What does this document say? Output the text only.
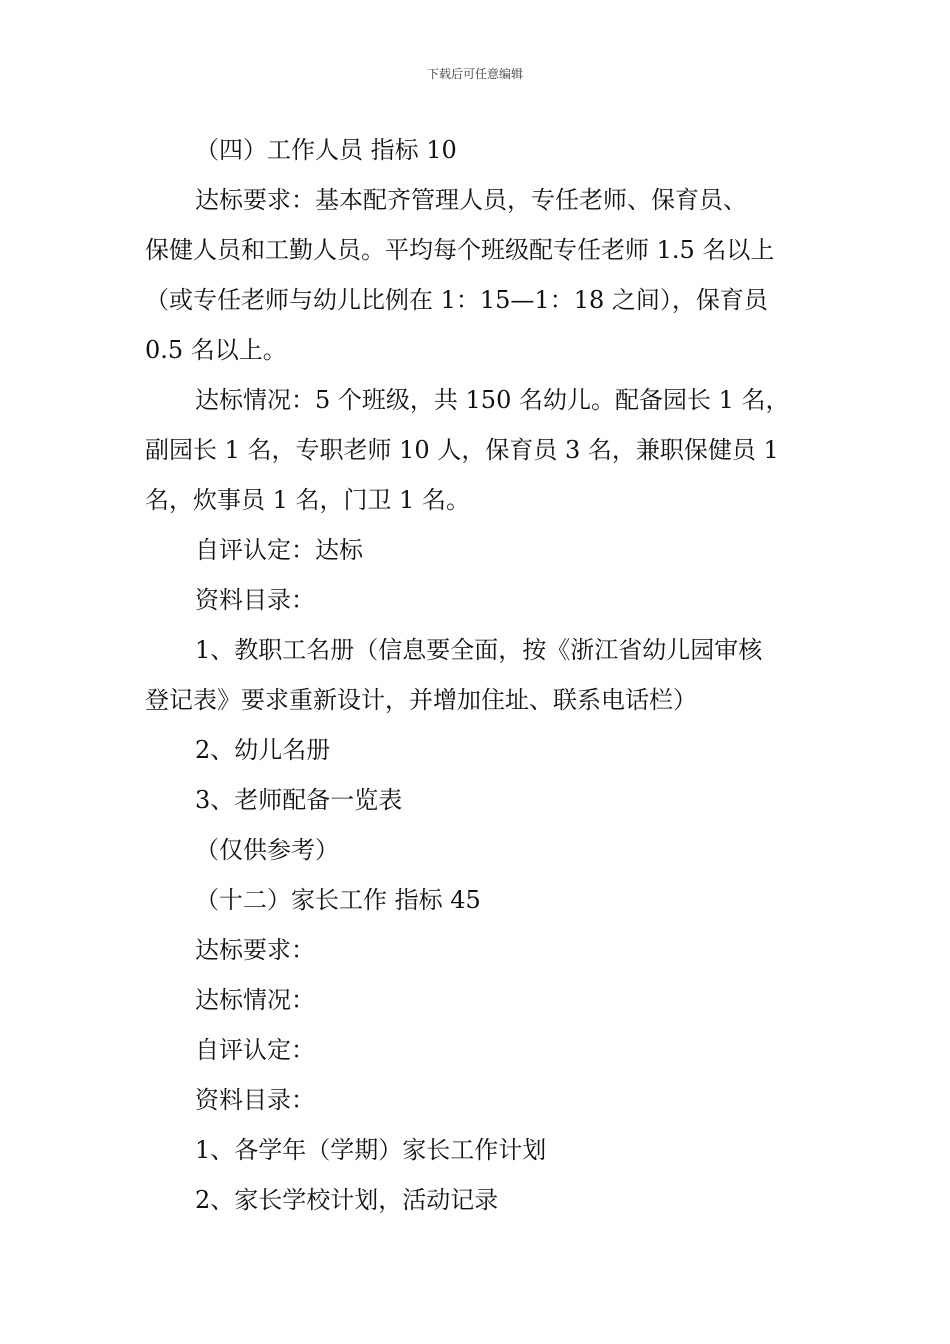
下载后可任意编辑

（四）工作人员 指标 10

达标要求：基本配齐管理人员，专任老师、保育员、

保健人员和工勤人员。平均每个班级配专任老师 1.5 名以上

（或专任老师与幼儿比例在 1：15—1：18 之间），保育员

0.5 名以上。

达标情况：5 个班级，共 150 名幼儿。配备园长 1 名，

副园长 1 名，专职老师 10 人，保育员 3 名，兼职保健员 1

名，炊事员 1 名，门卫 1 名。

自评认定：达标

资料目录：

1、教职工名册（信息要全面，按《浙江省幼儿园审核

登记表》要求重新设计，并增加住址、联系电话栏）

2、幼儿名册

3、老师配备一览表

（仅供参考）

（十二）家长工作 指标 45

达标要求：

达标情况：

自评认定：

资料目录：

1、各学年（学期）家长工作计划

2、家长学校计划，活动记录
